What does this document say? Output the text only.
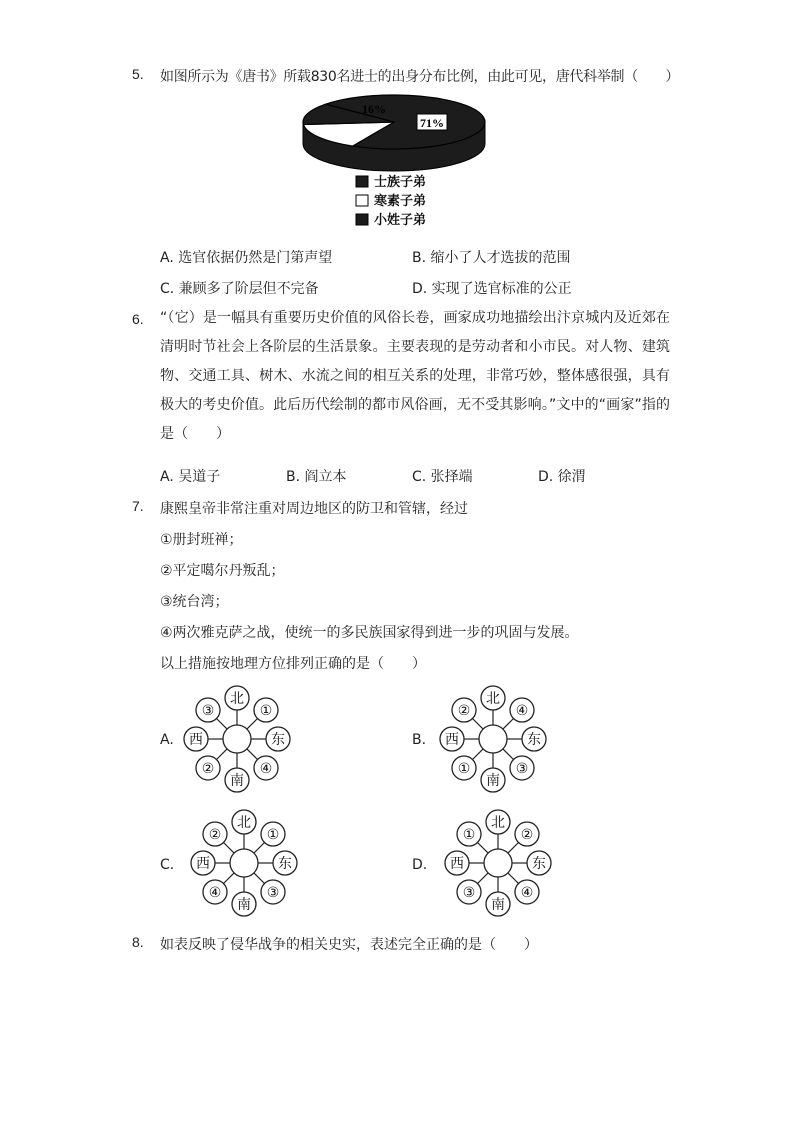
5. 如图所示为《唐书》所载830名进士的出身分布比例，由此可见，唐代科举制（　　）
71%
16%
士族子弟
寒素子弟
小姓子弟
A. 选官依据仍然是门第声望	B. 缩小了人才选拔的范围
C. 兼顾多了阶层但不完备	D. 实现了选官标准的公正
6. “（它）是一幅具有重要历史价值的风俗长卷，画家成功地描绘出汴京城内及近郊在清明时节社会上各阶层的生活景象。主要表现的是劳动者和小市民。对人物、建筑物、交通工具、树木、水流之间的相互关系的处理，非常巧妙，整体感很强，具有极大的考史价值。此后历代绘制的都市风俗画，无不受其影响。”文中的“画家”指的是（　　）
A. 吴道子	B. 阎立本	C. 张择端	D. 徐渭
7. 康熙皇帝非常注重对周边地区的防卫和管辖，经过
①册封班禅；
②平定噶尔丹叛乱；
③统台湾；
④两次雅克萨之战，使统一的多民族国家得到进一步的巩固与发展。
以上措施按地理方位排列正确的是（　　）
A.	B.
C.	D.
北
①
东
④
南
②
西
③
北
④
东
③
南
①
西
②
北
①
东
③
南
④
西
②
北
②
东
④
南
③
西
①
8. 如表反映了侵华战争的相关史实，表述完全正确的是（　　）
